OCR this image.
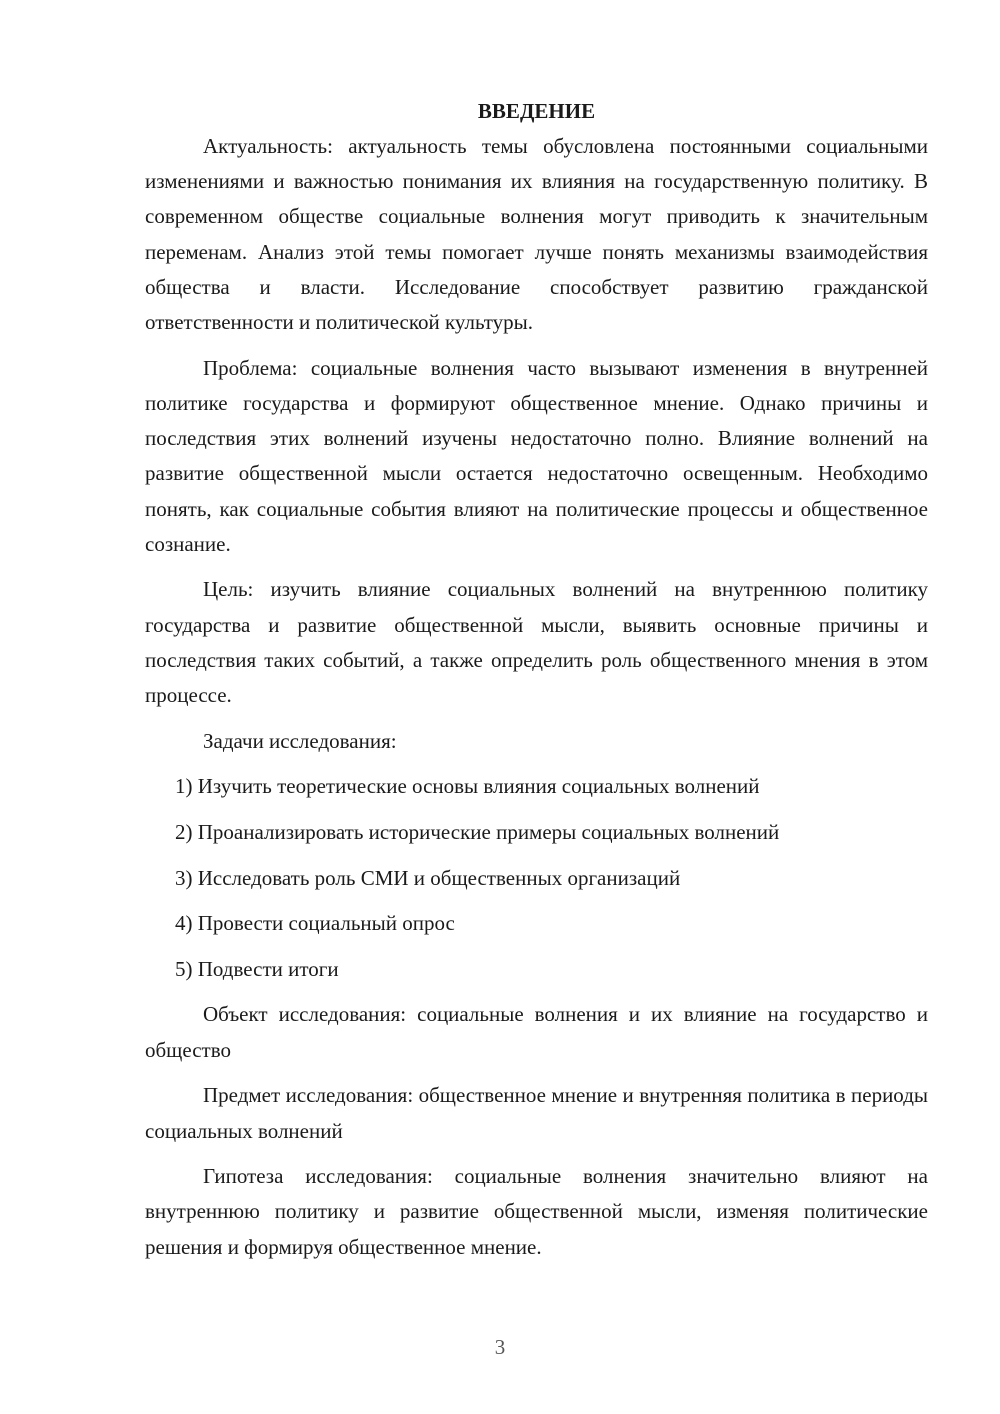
ВВЕДЕНИЕ

Актуальность: актуальность темы обусловлена постоянными социальными изменениями и важностью понимания их влияния на государственную политику. В современном обществе социальные волнения могут приводить к значительным переменам. Анализ этой темы помогает лучше понять механизмы взаимодействия общества и власти. Исследование способствует развитию гражданской ответственности и политической культуры.

Проблема: социальные волнения часто вызывают изменения в внутренней политике государства и формируют общественное мнение. Однако причины и последствия этих волнений изучены недостаточно полно. Влияние волнений на развитие общественной мысли остается недостаточно освещенным. Необходимо понять, как социальные события влияют на политические процессы и общественное сознание.

Цель: изучить влияние социальных волнений на внутреннюю политику государства и развитие общественной мысли, выявить основные причины и последствия таких событий, а также определить роль общественного мнения в этом процессе.

Задачи исследования:

1) Изучить теоретические основы влияния социальных волнений
2) Проанализировать исторические примеры социальных волнений
3) Исследовать роль СМИ и общественных организаций
4) Провести социальный опрос
5) Подвести итоги

Объект исследования: социальные волнения и их влияние на государство и общество

Предмет исследования: общественное мнение и внутренняя политика в периоды социальных волнений

Гипотеза исследования: социальные волнения значительно влияют на внутреннюю политику и развитие общественной мысли, изменяя политические решения и формируя общественное мнение.

3
